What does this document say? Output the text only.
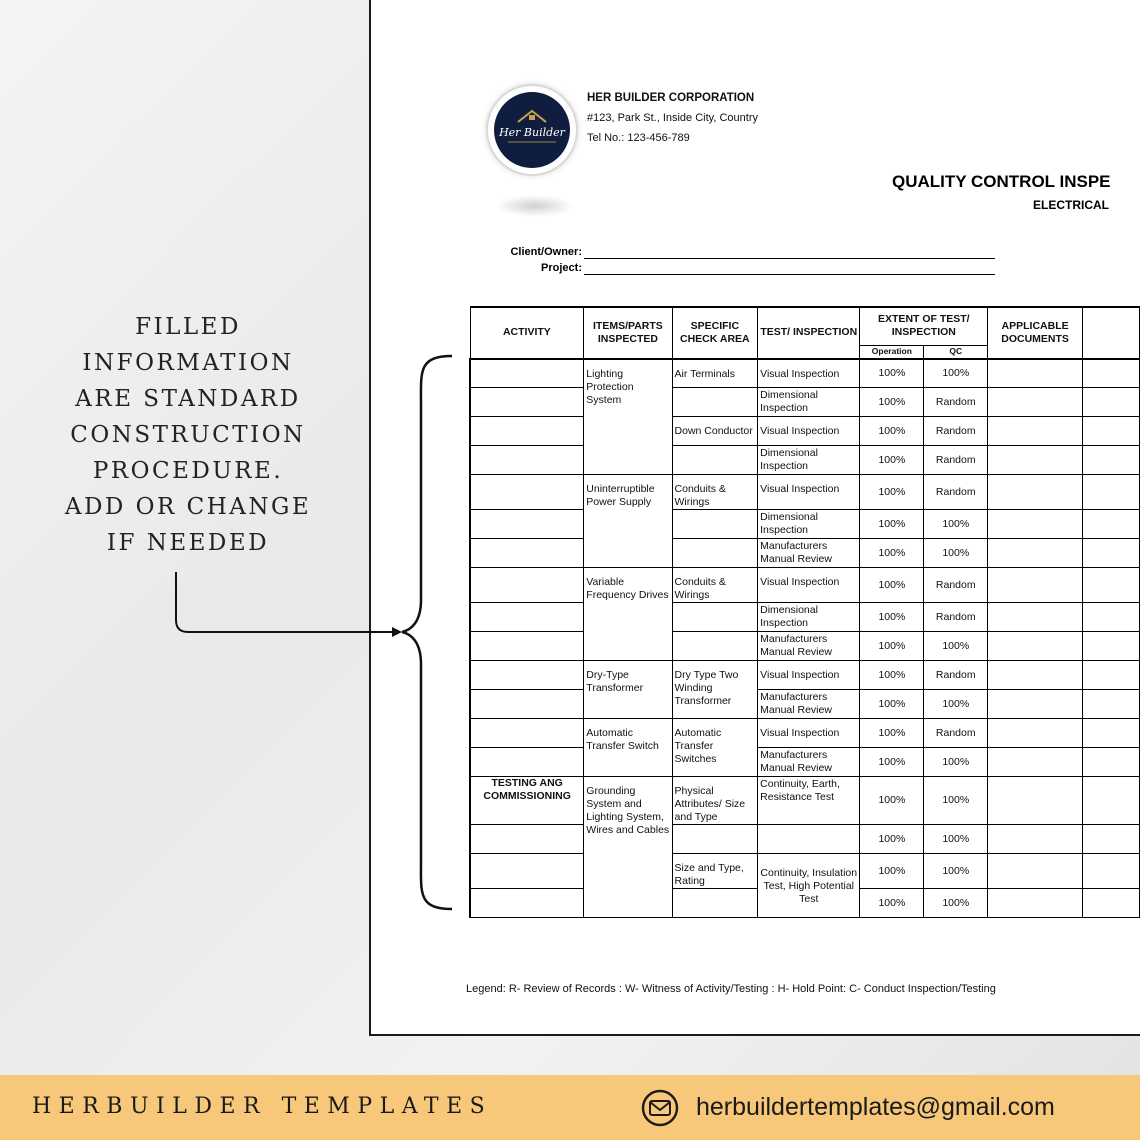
Her Builder
HER BUILDER CORPORATION
#123, Park St., Inside City, Country
Tel No.: 123-456-789
QUALITY CONTROL INSPE
ELECTRICAL
Client/Owner:
Project:
ACTIVITY	ITEMS/PARTS INSPECTED	SPECIFIC CHECK AREA	TEST/ INSPECTION	EXTENT OF TEST/ INSPECTION		APPLICABLE DOCUMENTS	
				Operation	QC		
	Lighting Protection System	Air Terminals	Visual Inspection	100%	100%		
			Dimensional Inspection	100%	Random		
		Down Conductor	Visual Inspection	100%	Random		
			Dimensional Inspection	100%	Random		
	Uninterruptible Power Supply	Conduits & Wirings	Visual Inspection	100%	Random		
			Dimensional Inspection	100%	100%		
			Manufacturers Manual Review	100%	100%		
	Variable Frequency Drives	Conduits & Wirings	Visual Inspection	100%	Random		
			Dimensional Inspection	100%	Random		
			Manufacturers Manual Review	100%	100%		
	Dry-Type Transformer	Dry Type Two Winding Transformer	Visual Inspection	100%	Random		
			Manufacturers Manual Review	100%	100%		
	Automatic Transfer Switch	Automatic Transfer Switches	Visual Inspection	100%	Random		
			Manufacturers Manual Review	100%	100%		
TESTING ANG COMMISSIONING	Grounding System and Lighting System, Wires and Cables	Physical Attributes/ Size and Type	Continuity, Earth, Resistance Test	100%	100%		
				100%	100%		
		Size and Type, Rating	Continuity, Insulation Test, High Potential Test	100%	100%		
				100%	100%		
Legend: R- Review of Records : W- Witness of Activity/Testing : H- Hold Point: C- Conduct Inspection/Testing
FILLED
INFORMATION
ARE STANDARD
CONSTRUCTION
PROCEDURE.
ADD OR CHANGE
IF NEEDED
HERBUILDER TEMPLATES	herbuildertemplates@gmail.com
